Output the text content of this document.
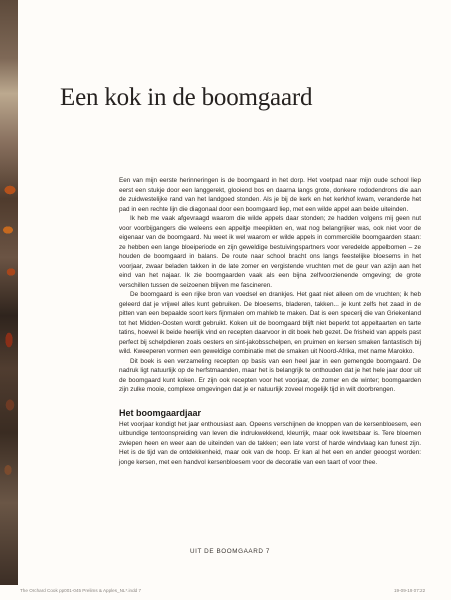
Een kok in de boomgaard

Een van mijn eerste herinneringen is de boomgaard in het dorp. Het voetpad naar mijn oude school liep eerst een stukje door een langgerekt, glooiend bos en daarna langs grote, donkere rododendrons die aan de zuidwestelijke rand van het landgoed stonden. Als je bij de kerk en het kerkhof kwam, veranderde het pad in een rechte lijn die diagonaal door een boomgaard liep, met een wilde appel aan beide uiteinden.

Ik heb me vaak afgevraagd waarom die wilde appels daar stonden; ze hadden volgens mij geen nut voor voorbijgangers die weleens een appeltje meepikten en, wat nog belangrijker was, ook niet voor de eigenaar van de boomgaard. Nu weet ik wel waarom er wilde appels in commerciële boomgaarden staan: ze hebben een lange bloeiperiode en zijn geweldige bestuivingspartners voor veredelde appelbomen – ze houden de boomgaard in balans. De route naar school bracht ons langs feestelijke bloesems in het voorjaar, zwaar beladen takken in de late zomer en vergistende vruchten met de geur van azijn aan het eind van het najaar. Ik zie boomgaarden vaak als een bijna zelfvoorzienende omgeving; de grote verschillen tussen de seizoenen blijven me fascineren.

De boomgaard is een rijke bron van voedsel en drankjes. Het gaat niet alleen om de vruchten; ik heb geleerd dat je vrijwel alles kunt gebruiken. De bloesems, bladeren, takken... je kunt zelfs het zaad in de pitten van een bepaalde soort kers fijnmalen om mahleb te maken. Dat is een specerij die van Griekenland tot het Midden-Oosten wordt gebruikt. Koken uit de boomgaard blijft niet beperkt tot appeltaarten en tarte tatins, hoewel ik beide heerlijk vind en recepten daarvoor in dit boek heb gezet. De frisheid van appels past perfect bij schelpdieren zoals oesters en sint-jakobsschelpen, en pruimen en kersen smaken fantastisch bij wild. Kweeperen vormen een geweldige combinatie met de smaken uit Noord-Afrika, met name Marokko.

Dit boek is een verzameling recepten op basis van een heel jaar in een gemengde boomgaard. De nadruk ligt natuurlijk op de herfstmaanden, maar het is belangrijk te onthouden dat je het hele jaar door uit de boomgaard kunt koken. Er zijn ook recepten voor het voorjaar, de zomer en de winter; boomgaarden zijn zulke mooie, complexe omgevingen dat je er natuurlijk zoveel mogelijk tijd in wilt doorbrengen.

Het boomgaardjaar

Het voorjaar kondigt het jaar enthousiast aan. Opeens verschijnen de knoppen van de kersenbloesem, een uitbundige tentoonspreiding van leven die indrukwekkend, kleurrijk, maar ook kwetsbaar is. Tere bloemen zwiepen heen en weer aan de uiteinden van de takken; een late vorst of harde windvlaag kan funest zijn. Het is de tijd van de ontdekkenheid, maar ook van de hoop. Er kan al het een en ander geoogst worden: jonge kersen, met een handvol kersenbloesem voor de decoratie van een taart of voor thee.

UIT DE BOOMGAARD 7
The Orchard Cook pp001-045 Prelims & Apples_NL*.indd 7	19-09-19 07:22
